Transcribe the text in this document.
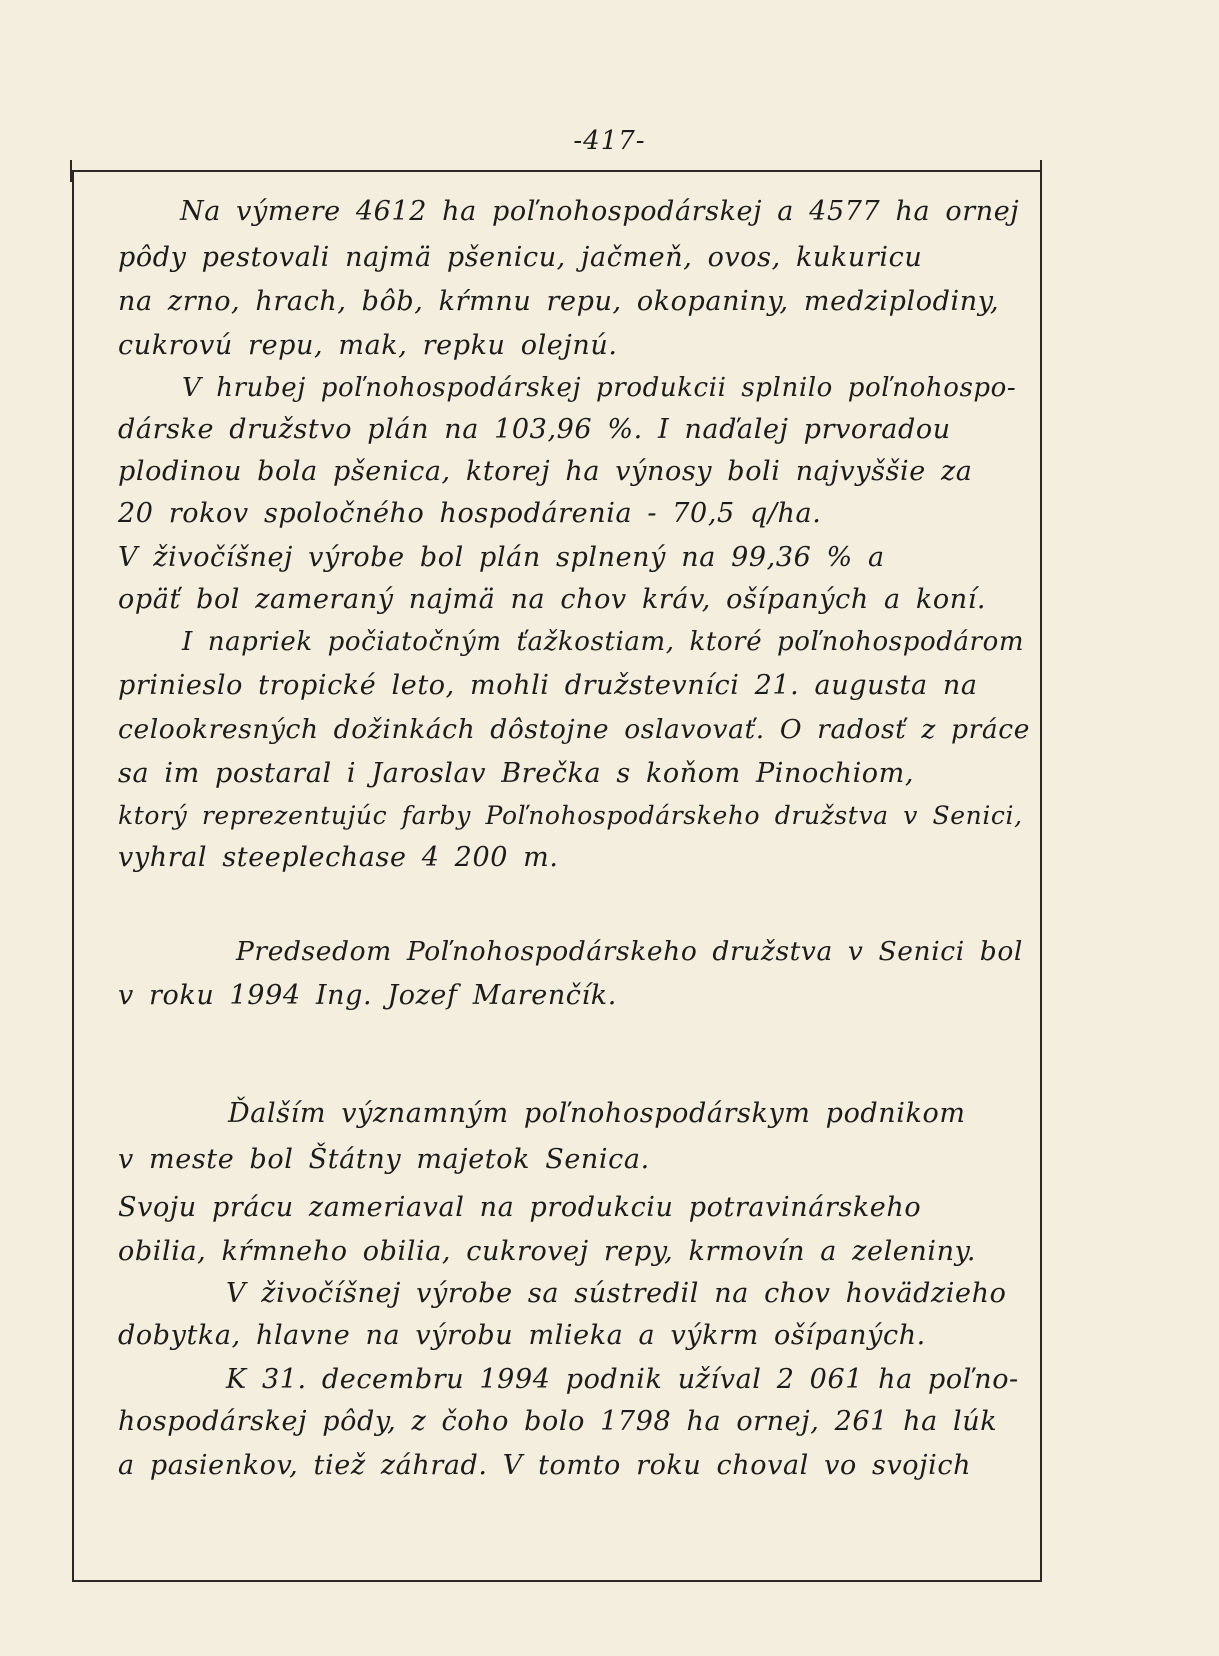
-417-
Na výmere 4612 ha poľnohospodárskej a 4577 ha ornej
pôdy pestovali najmä pšenicu, jačmeň, ovos, kukuricu
na zrno, hrach, bôb, kŕmnu repu, okopaniny, medziplodiny,
cukrovú repu, mak, repku olejnú.
V hrubej poľnohospodárskej produkcii splnilo poľnohospo-
dárske družstvo plán na 103,96 %. I naďalej prvoradou
plodinou bola pšenica, ktorej ha výnosy boli najvyššie za
20 rokov spoločného hospodárenia - 70,5 q/ha.
V živočíšnej výrobe bol plán splnený na 99,36 % a
opäť bol zameraný najmä na chov kráv, ošípaných a koní.
I napriek počiatočným ťažkostiam, ktoré poľnohospodárom
prinieslo tropické leto, mohli družstevníci 21. augusta na
celookresných dožinkách dôstojne oslavovať. O radosť z práce
sa im postaral i Jaroslav Brečka s koňom Pinochiom,
ktorý reprezentujúc farby Poľnohospodárskeho družstva v Senici,
vyhral steeplechase 4 200 m.
Predsedom Poľnohospodárskeho družstva v Senici bol
v roku 1994 Ing. Jozef Marenčík.
Ďalším významným poľnohospodárskym podnikom
v meste bol Štátny majetok Senica.
Svoju prácu zameriaval na produkciu potravinárskeho
obilia, kŕmneho obilia, cukrovej repy, krmovín a zeleniny.
V živočíšnej výrobe sa sústredil na chov hovädzieho
dobytka, hlavne na výrobu mlieka a výkrm ošípaných.
K 31. decembru 1994 podnik užíval 2 061 ha poľno-
hospodárskej pôdy, z čoho bolo 1798 ha ornej, 261 ha lúk
a pasienkov, tiež záhrad. V tomto roku choval vo svojich
